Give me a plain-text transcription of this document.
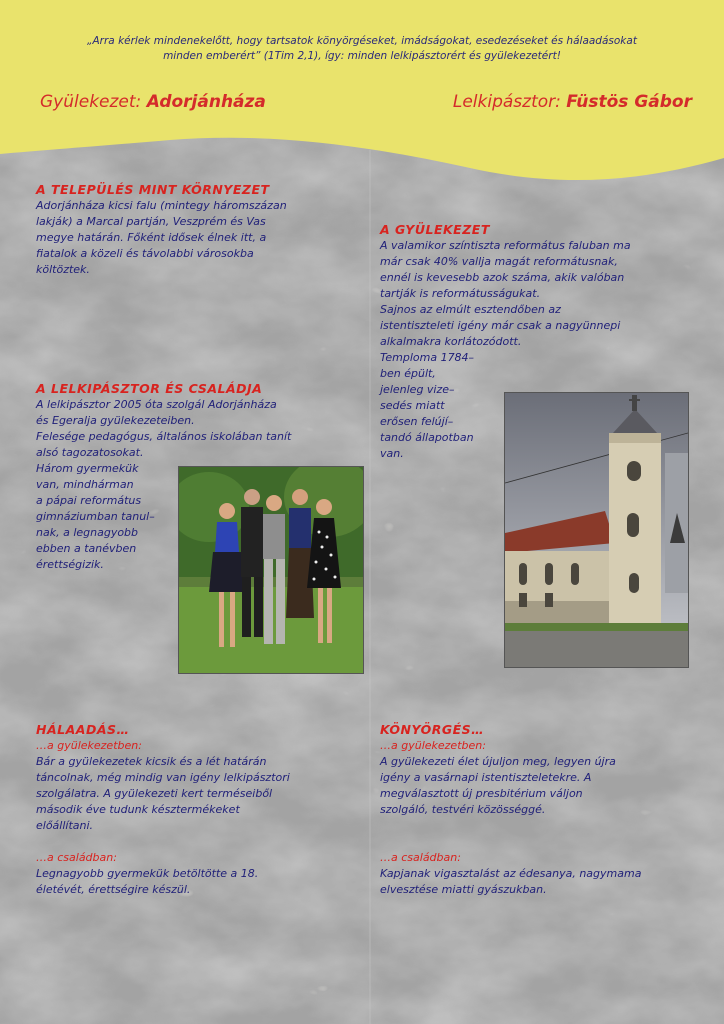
„Arra kérlek mindenekelőtt, hogy tartsatok könyörgéseket, imádságokat, esedezéseket és hálaadásokat
minden emberért” (1Tim 2,1), így: minden lelkipásztorért és gyülekezetért!
Gyülekezet: Adorjánháza	Lelkipásztor: Füstös Gábor
A TELEPÜLÉS MINT KÖRNYEZET
Adorjánháza kicsi falu (mintegy háromszázan
lakják) a Marcal partján, Veszprém és Vas
megye határán. Főként idősek élnek itt, a
fiatalok a közeli és távolabbi városokba
költöztek.
A LELKIPÁSZTOR ÉS CSALÁDJA
A lelkipásztor 2005 óta szolgál Adorjánháza
és Egeralja gyülekezeteiben.
Felesége pedagógus, általános iskolában tanít
alsó tagozatosokat.
Három gyermekük
van, mindhárman
a pápai református
gimnáziumban tanul–
nak, a legnagyobb
ebben a tanévben
érettségizik.
A GYÜLEKEZET
A valamikor színtiszta református faluban ma
már csak 40% vallja magát reformátusnak,
ennél is kevesebb azok száma, akik valóban
tartják is reformátusságukat.
Sajnos az elmúlt esztendőben az
istentiszteleti igény már csak a nagyünnepi
alkalmakra korlátozódott.
Temploma 1784–
ben épült,
jelenleg vize–
sedés miatt
erősen felújí–
tandó állapotban
van.
HÁLAADÁS…
…a gyülekezetben:
Bár a gyülekezetek kicsik és a lét határán
táncolnak, még mindig van igény lelkipásztori
szolgálatra. A gyülekezeti kert terméseiből
második éve tudunk késztermékeket
előállítani.
…a családban:
Legnagyobb gyermekük betöltötte a 18.
életévét, érettségire készül.
KÖNYÖRGÉS…
…a gyülekezetben:
A gyülekezeti élet újuljon meg, legyen újra
igény a vasárnapi istentiszteletekre. A
megválasztott új presbitérium váljon
szolgáló, testvéri közösséggé.
…a családban:
Kapjanak vigasztalást az édesanya, nagymama
elvesztése miatti gyászukban.
